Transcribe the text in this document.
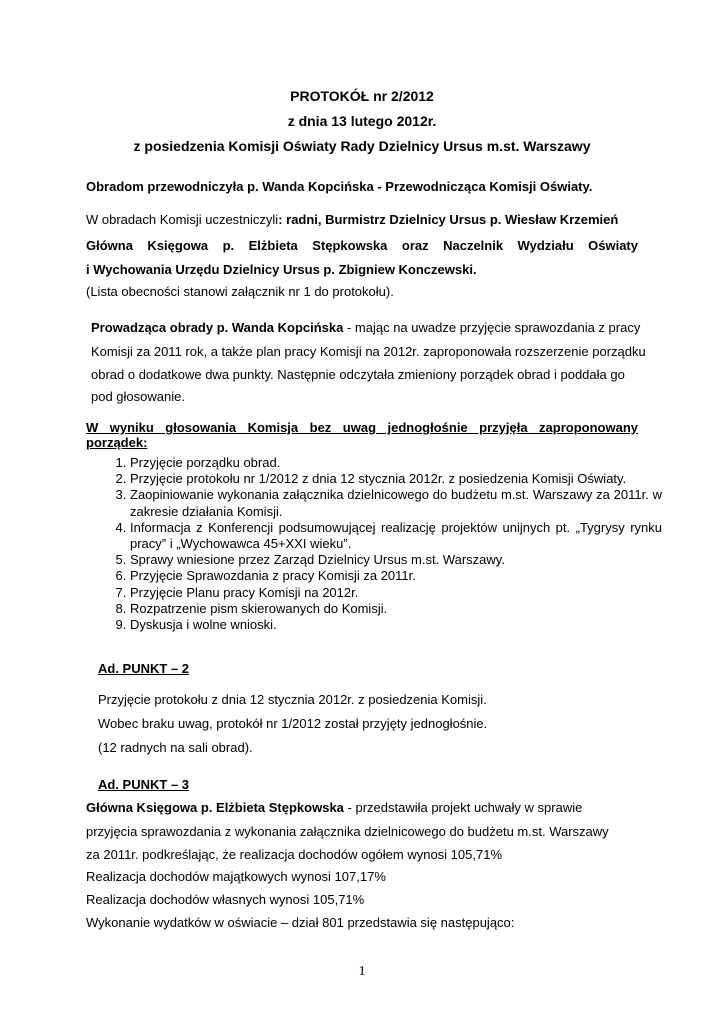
PROTOKÓŁ nr 2/2012
z dnia 13 lutego 2012r.
z posiedzenia Komisji Oświaty Rady Dzielnicy Ursus m.st. Warszawy
Obradom przewodniczyła p. Wanda Kopcińska - Przewodnicząca Komisji Oświaty.
W obradach Komisji uczestniczyli: radni, Burmistrz Dzielnicy Ursus p. Wiesław Krzemień
Główna Księgowa p. Elżbieta Stępkowska oraz Naczelnik Wydziału Oświaty
i Wychowania Urzędu Dzielnicy Ursus p. Zbigniew Konczewski.
(Lista obecności stanowi załącznik nr 1 do protokołu).
Prowadząca obrady p. Wanda Kopcińska - mając na uwadze przyjęcie sprawozdania z pracy
Komisji za 2011 rok, a także plan pracy Komisji na 2012r. zaproponowała rozszerzenie porządku
obrad o dodatkowe dwa punkty. Następnie odczytała zmieniony porządek obrad i poddała go
pod głosowanie.
W wyniku głosowania Komisja bez uwag jednogłośnie przyjęła zaproponowany
porządek:
1. Przyjęcie porządku obrad.
2. Przyjęcie protokołu nr 1/2012 z dnia 12 stycznia 2012r. z posiedzenia Komisji Oświaty.
3. Zaopiniowanie wykonania załącznika dzielnicowego do budżetu m.st. Warszawy za 2011r. w zakresie działania Komisji.
4. Informacja z Konferencji podsumowującej realizację projektów unijnych pt. „Tygrysy rynku pracy” i „Wychowawca 45+XXI wieku”.
5. Sprawy wniesione przez Zarząd Dzielnicy Ursus m.st. Warszawy.
6. Przyjęcie Sprawozdania z pracy Komisji za 2011r.
7. Przyjęcie Planu pracy Komisji na 2012r.
8. Rozpatrzenie pism skierowanych do Komisji.
9. Dyskusja i wolne wnioski.
Ad. PUNKT – 2
Przyjęcie protokołu z dnia 12 stycznia 2012r. z posiedzenia Komisji.
Wobec braku uwag, protokół nr 1/2012 został przyjęty jednogłośnie.
(12 radnych na sali obrad).
Ad. PUNKT – 3
Główna Księgowa p. Elżbieta Stępkowska - przedstawiła projekt uchwały w sprawie
przyjęcia sprawozdania z wykonania załącznika dzielnicowego do budżetu m.st. Warszawy
za 2011r. podkreślając, że realizacja dochodów ogółem wynosi 105,71%
Realizacja dochodów majątkowych wynosi 107,17%
Realizacja dochodów własnych wynosi 105,71%
Wykonanie wydatków w oświacie – dział 801 przedstawia się następująco:
1
